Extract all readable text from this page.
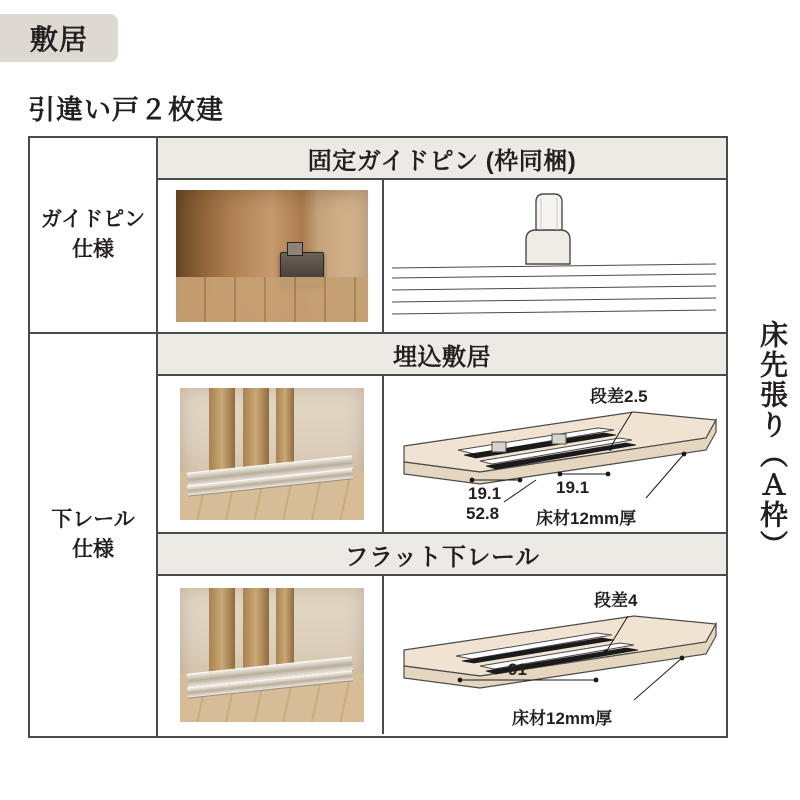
敷居
引違い戸２枚建
ガイドピン
仕様
固定ガイドピン (枠同梱)
下レール
仕様
埋込敷居
段差2.5
19.1	19.1
52.8 床材12mm厚
フラット下レール
段差4
91
床材12mm厚
床先張り（Ａ枠）
